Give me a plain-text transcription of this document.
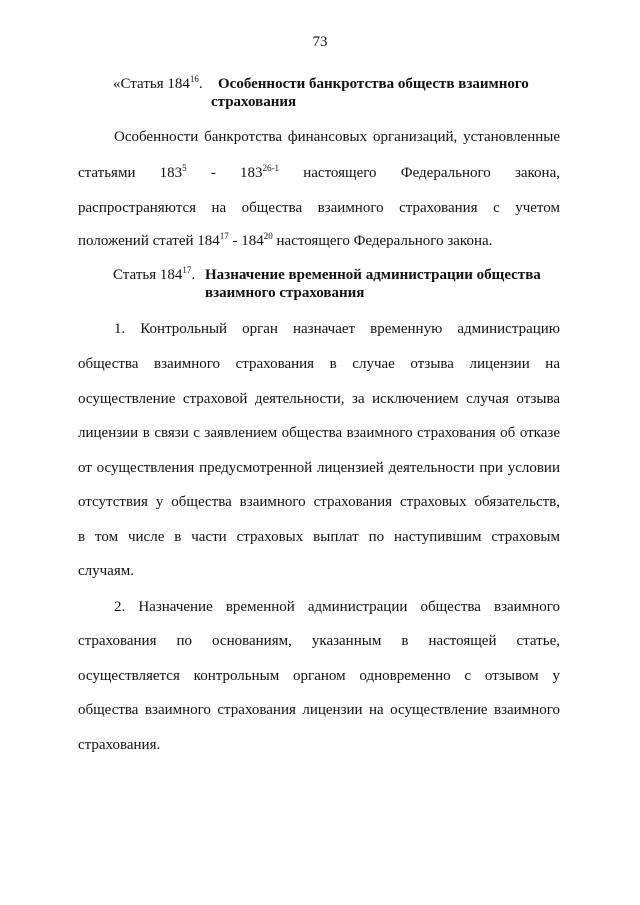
73
«Статья $184^{16}$. Особенности банкротства обществ взаимного
страхования
Особенности банкротства финансовых организаций, установленные
статьями $183^5 - 183^{26-1}$ настоящего Федерального закона,
распространяются на общества взаимного страхования с учетом
положений статей $184^{17} - 184^{20}$ настоящего Федерального закона.
Статья $184^{17}$. Назначение временной администрации общества
взаимного страхования
1. Контрольный орган назначает временную администрацию
общества взаимного страхования в случае отзыва лицензии на
осуществление страховой деятельности, за исключением случая отзыва
лицензии в связи с заявлением общества взаимного страхования об отказе
от осуществления предусмотренной лицензией деятельности при условии
отсутствия у общества взаимного страхования страховых обязательств,
в том числе в части страховых выплат по наступившим страховым
случаям.
2. Назначение временной администрации общества взаимного
страхования по основаниям, указанным в настоящей статье,
осуществляется контрольным органом одновременно с отзывом у
общества взаимного страхования лицензии на осуществление взаимного
страхования.
